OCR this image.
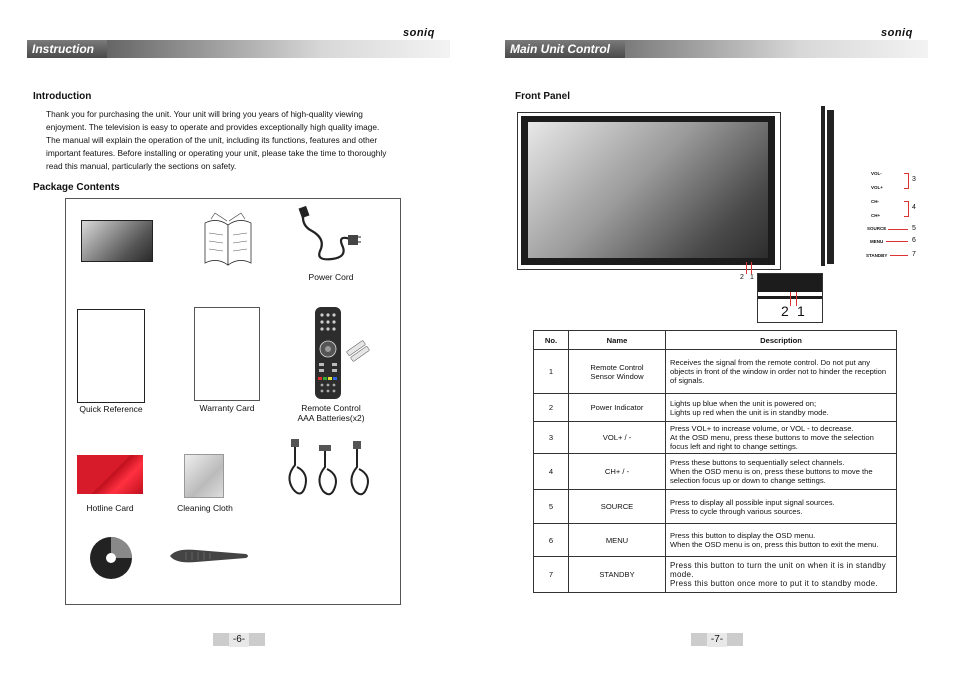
soniq
Instruction
Introduction
Thank you for purchasing the unit. Your unit will bring you years of high-quality viewing
enjoyment. The television is easy to operate and provides exceptionally high quality image.
The manual will explain the operation of the unit, including its functions, features and other
important features. Before installing or operating your unit, please take the time to thoroughly
read this manual, particularly the sections on safety.
Package Contents
Power Cord
Quick Reference	Warranty Card	Remote Control
AAA Batteries(x2)
Hotline Card	Cleaning Cloth
-6-
soniq
Main Unit Control
Front Panel
2 1
2 1
VOL-
VOL+
CH-
CH+
SOURCE
MENU
STANDBY
3
4
5
6
7
No.	Name	Description
1	Remote Control
Sensor Window	Receives the signal from the remote control. Do not put any objects in front of the window in order not to hinder the reception of signals.
2	Power Indicator	Lights up blue when the unit is powered on;
Lights up red when the unit is in standby mode.
3	VOL+ / -	Press VOL+ to increase volume, or VOL - to decrease.
At the OSD menu, press these buttons to move the selection focus left and right to change settings.
4	CH+ / -	Press these buttons to sequentially select channels.
When the OSD menu is on, press these buttons to move the selection focus up or down to change settings.
5	SOURCE	Press to display all possible input signal sources.
Press to cycle through various sources.
6	MENU	Press this button to display the OSD menu.
When the OSD menu is on, press this button to exit the menu.
7	STANDBY	Press this button to turn the unit on when it is in standby mode.
Press this button once more to put it to standby mode.
-7-
